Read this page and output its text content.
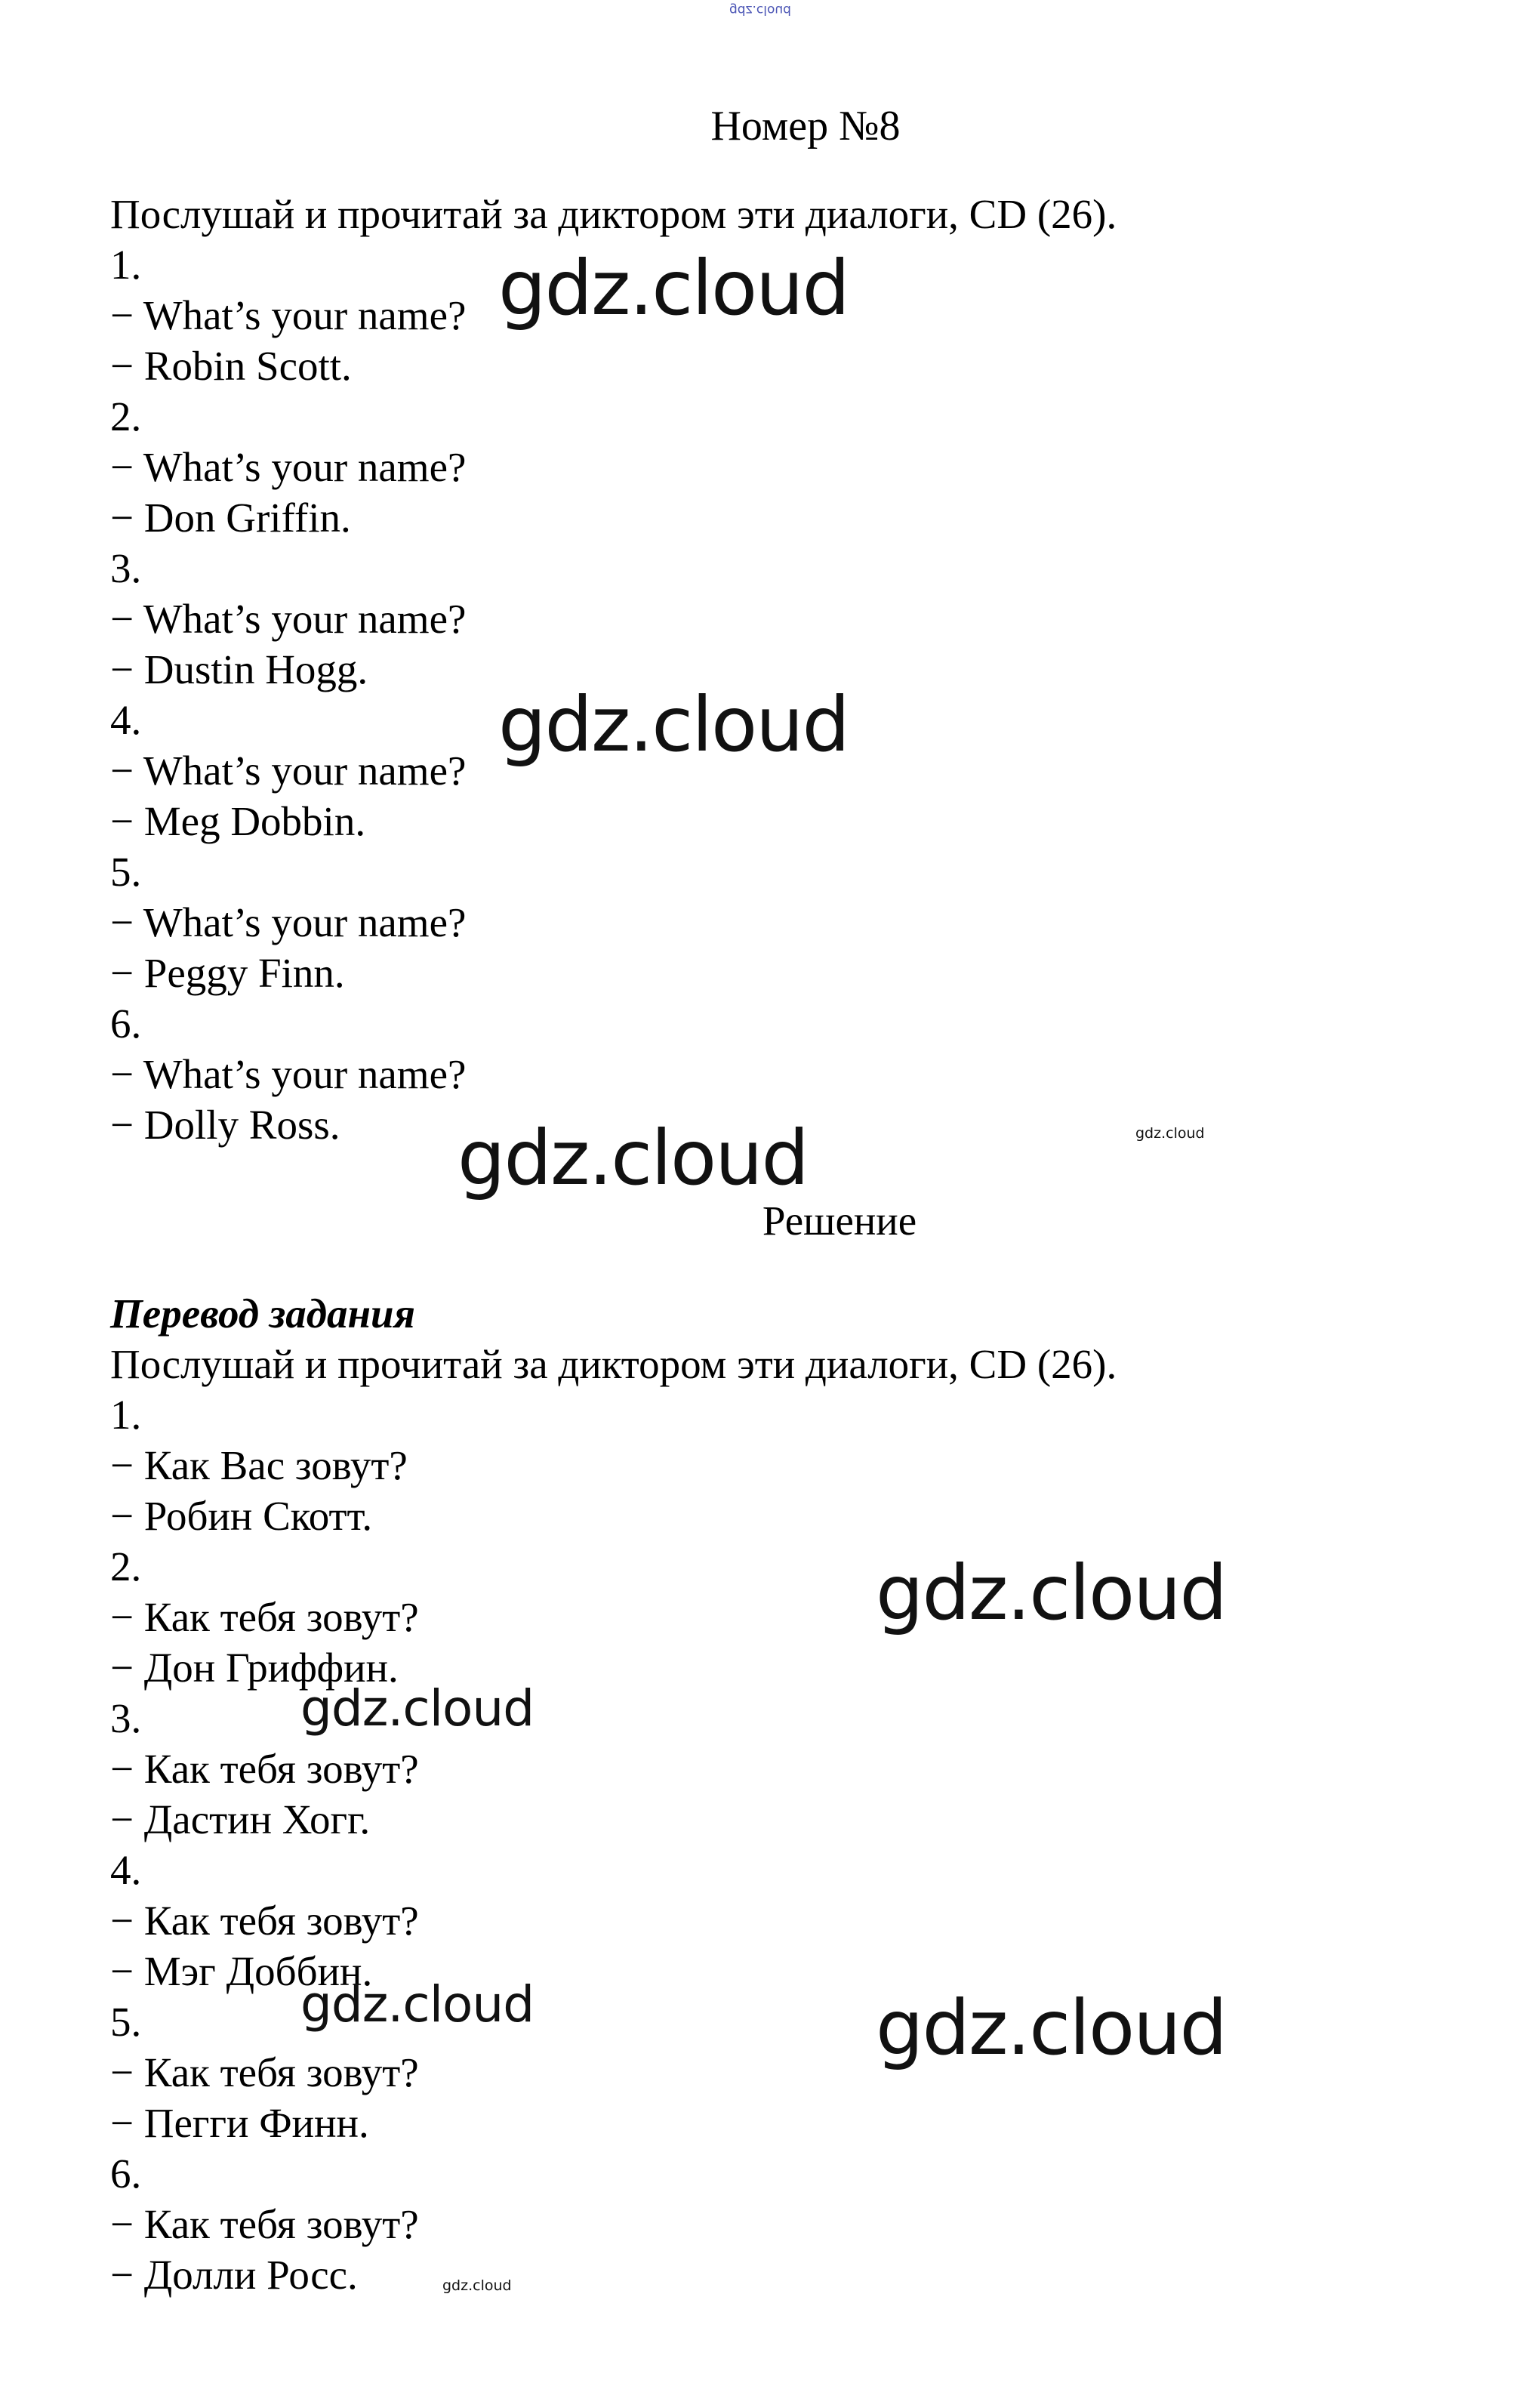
Номер №8

Послушай и прочитай за диктором эти диалоги, CD (26).

1.

− What’s your name?

− Robin Scott.

2.

− What’s your name?

− Don Griffin.

3.

− What’s your name?

− Dustin Hogg.

4.

− What’s your name?

− Meg Dobbin.

5.

− What’s your name?

− Peggy Finn.

6.

− What’s your name?

− Dolly Ross.

Решение

Перевод задания

Послушай и прочитай за диктором эти диалоги, CD (26).

1.

− Как Вас зовут?

− Робин Скотт.

2.

− Как тебя зовут?

− Дон Гриффин.

3.

− Как тебя зовут?

− Дастин Хогг.

4.

− Как тебя зовут?

− Мэг Доббин.

5.

− Как тебя зовут?

− Пегги Финн.

6.

− Как тебя зовут?

− Долли Росс.

gdz.cloud
gdz.cloud
gdz.cloud
gdz.cloud
gdz.cloud
gdz.cloud
gdz.cloud
gdz.cloud	gdz.cloud
gdz.cloud
